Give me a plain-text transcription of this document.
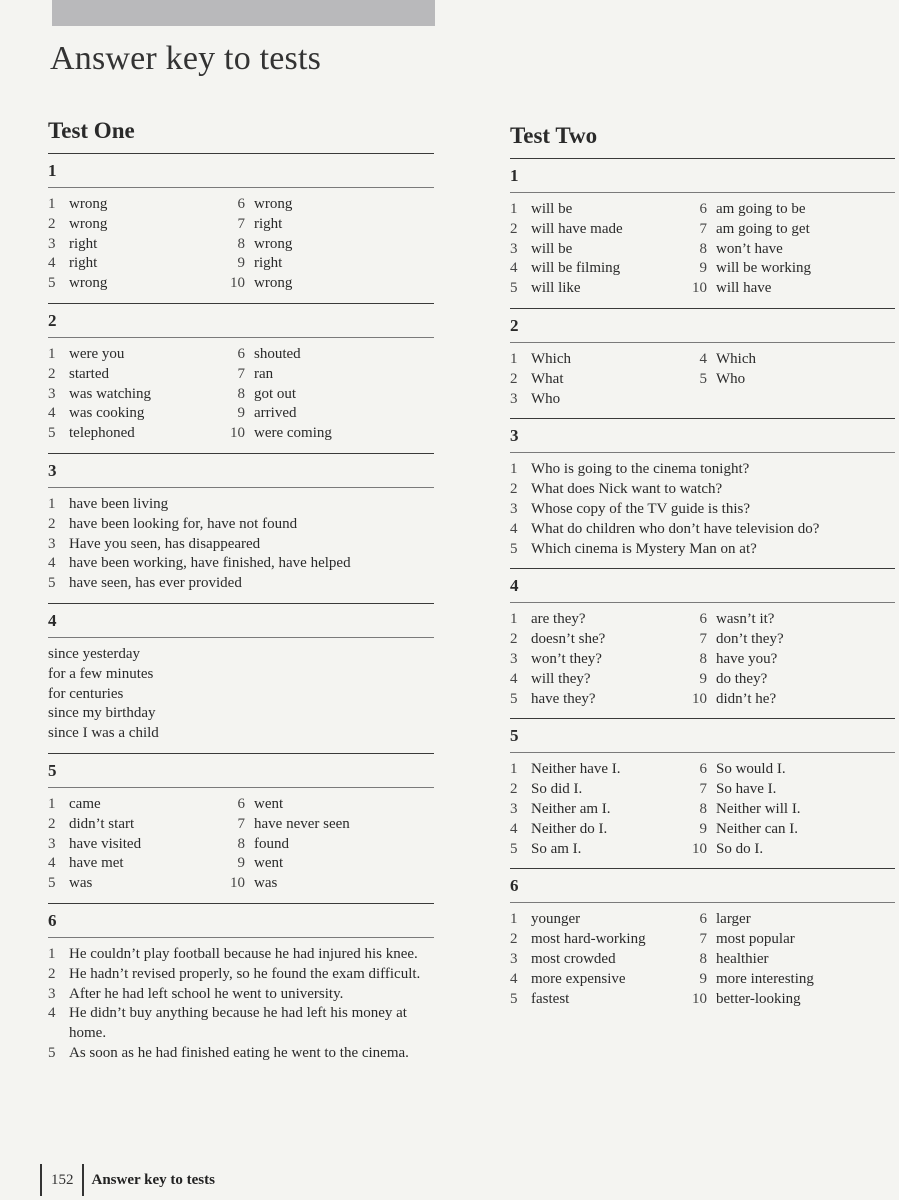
Answer key to tests
Test One
1
1 wrong
2 wrong
3 right
4 right
5 wrong
6 wrong
7 right
8 wrong
9 right
10 wrong
2
1 were you
2 started
3 was watching
4 was cooking
5 telephoned
6 shouted
7 ran
8 got out
9 arrived
10 were coming
3
1 have been living
2 have been looking for, have not found
3 Have you seen, has disappeared
4 have been working, have finished, have helped
5 have seen, has ever provided
4
since yesterday
for a few minutes
for centuries
since my birthday
since I was a child
5
1 came
2 didn’t start
3 have visited
4 have met
5 was
6 went
7 have never seen
8 found
9 went
10 was
6
1 He couldn’t play football because he had injured his knee.
2 He hadn’t revised properly, so he found the exam difficult.
3 After he had left school he went to university.
4 He didn’t buy anything because he had left his money at home.
5 As soon as he had finished eating he went to the cinema.
Test Two
1
1 will be
2 will have made
3 will be
4 will be filming
5 will like
6 am going to be
7 am going to get
8 won’t have
9 will be working
10 will have
2
1 Which
2 What
3 Who
4 Which
5 Who
3
1 Who is going to the cinema tonight?
2 What does Nick want to watch?
3 Whose copy of the TV guide is this?
4 What do children who don’t have television do?
5 Which cinema is Mystery Man on at?
4
1 are they?
2 doesn’t she?
3 won’t they?
4 will they?
5 have they?
6 wasn’t it?
7 don’t they?
8 have you?
9 do they?
10 didn’t he?
5
1 Neither have I.
2 So did I.
3 Neither am I.
4 Neither do I.
5 So am I.
6 So would I.
7 So have I.
8 Neither will I.
9 Neither can I.
10 So do I.
6
1 younger
2 most hard-working
3 most crowded
4 more expensive
5 fastest
6 larger
7 most popular
8 healthier
9 more interesting
10 better-looking
152	Answer key to tests
